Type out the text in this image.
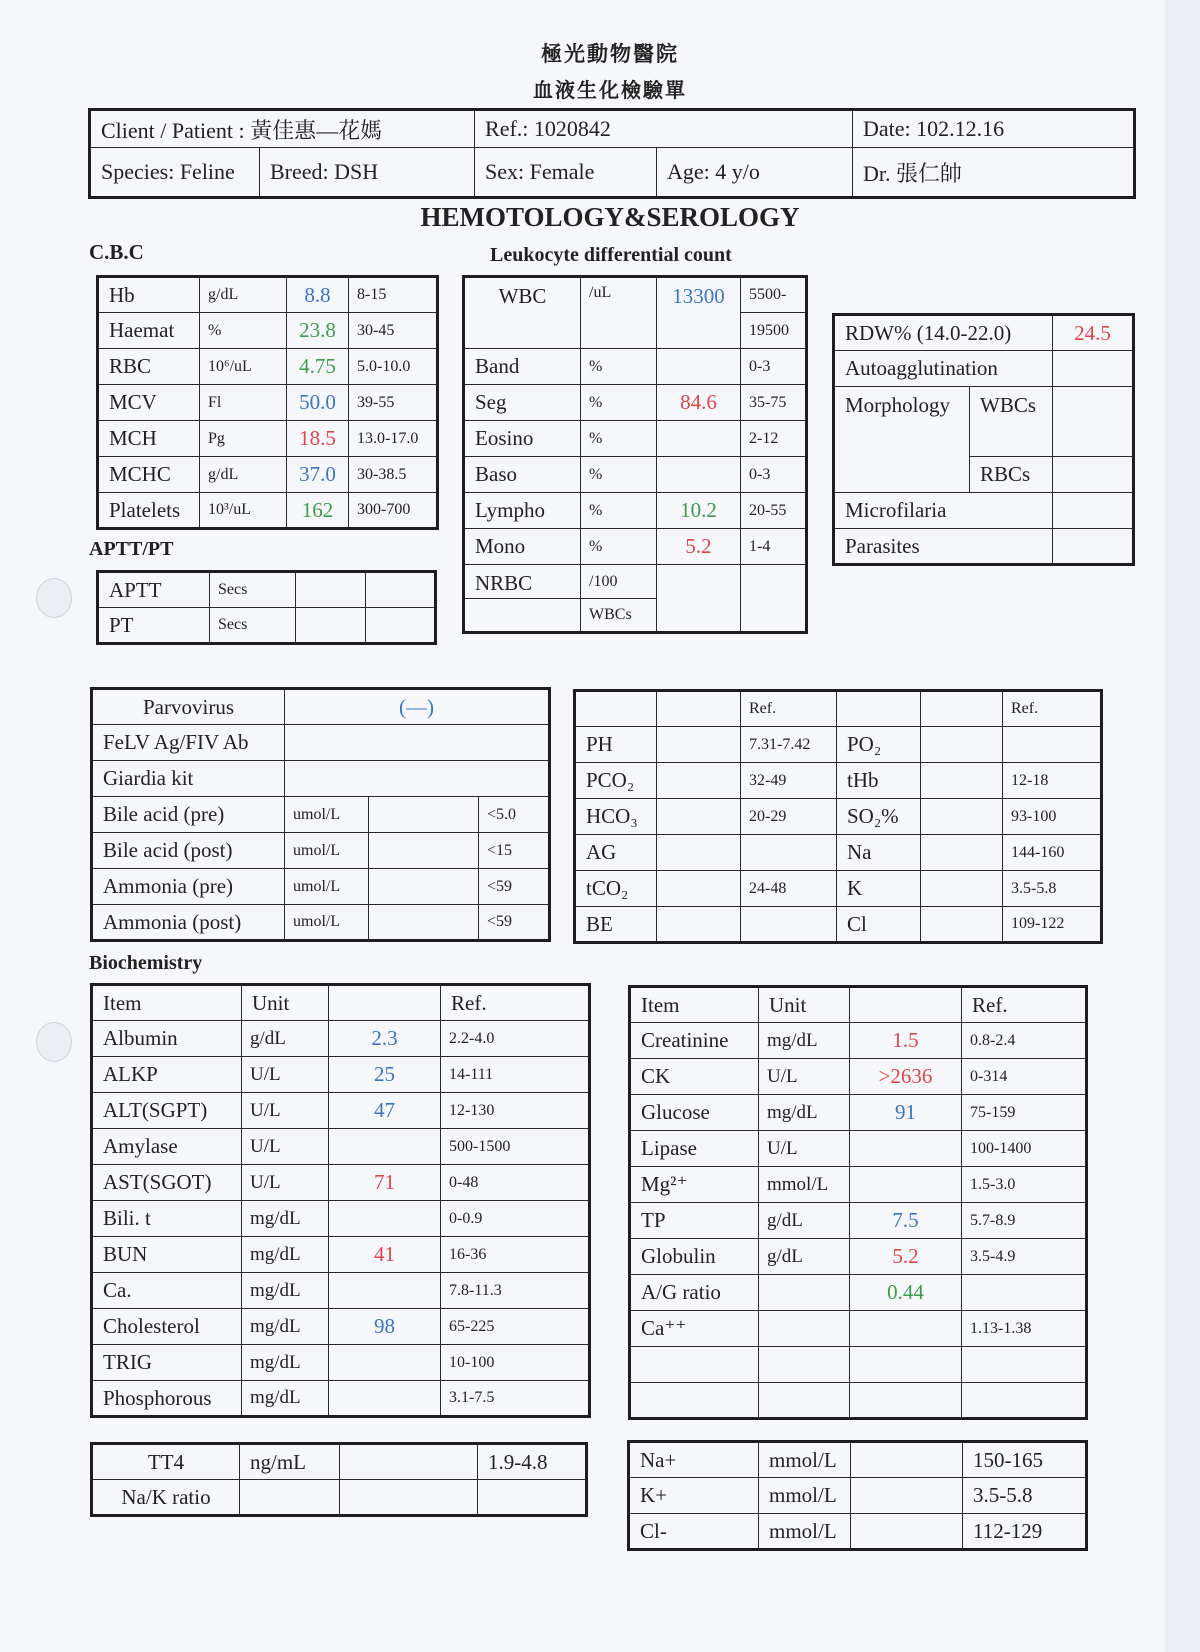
極光動物醫院
血液生化檢驗單
Client / Patient : 黃佳惠—花媽		Ref.: 1020842		Date: 102.12.16
Species: Feline	Breed: DSH	Sex: Female	Age: 4 y/o	Dr. 張仁帥
HEMOTOLOGY&SEROLOGY
C.B.C	Leukocyte differential count
APTT/PT
Biochemistry
Hb	g/dL	8.8	8-15
Haemat	%	23.8	30-45
RBC	10⁶/uL	4.75	5.0-10.0
MCV	Fl	50.0	39-55
MCH	Pg	18.5	13.0-17.0
MCHC	g/dL	37.0	30-38.5
Platelets	10³/uL	162	300-700
APTT	Secs		
PT	Secs		
WBC	/uL	13300	5500-
			19500
Band	%		0-3
Seg	%	84.6	35-75
Eosino	%		2-12
Baso	%		0-3
Lympho	%	10.2	20-55
Mono	%	5.2	1-4
NRBC	/100		
	WBCs		
RDW% (14.0-22.0)		24.5
Autoagglutination		
Morphology	WBCs	
	RBCs	
Microfilaria		
Parasites		
Parvovirus	(—)		
FeLV Ag/FIV Ab			
Giardia kit			
Bile acid (pre)	umol/L		<5.0
Bile acid (post)	umol/L		<15
Ammonia (pre)	umol/L		<59
Ammonia (post)	umol/L		<59
		Ref.			Ref.
PH		7.31-7.42	PO₂		
PCO₂		32-49	tHb		12-18
HCO₃		20-29	SO₂%		93-100
AG			Na		144-160
tCO₂		24-48	K		3.5-5.8
BE			Cl		109-122
Item	Unit		Ref.
Albumin	g/dL	2.3	2.2-4.0
ALKP	U/L	25	14-111
ALT(SGPT)	U/L	47	12-130
Amylase	U/L		500-1500
AST(SGOT)	U/L	71	0-48
Bili. t	mg/dL		0-0.9
BUN	mg/dL	41	16-36
Ca.	mg/dL		7.8-11.3
Cholesterol	mg/dL	98	65-225
TRIG	mg/dL		10-100
Phosphorous	mg/dL		3.1-7.5
Item	Unit		Ref.
Creatinine	mg/dL	1.5	0.8-2.4
CK	U/L	>2636	0-314
Glucose	mg/dL	91	75-159
Lipase	U/L		100-1400
Mg²⁺	mmol/L		1.5-3.0
TP	g/dL	7.5	5.7-8.9
Globulin	g/dL	5.2	3.5-4.9
A/G ratio		0.44	
Ca⁺⁺			1.13-1.38

TT4	ng/mL		1.9-4.8
Na/K ratio			
Na+	mmol/L		150-165
K+	mmol/L		3.5-5.8
Cl-	mmol/L		112-129
